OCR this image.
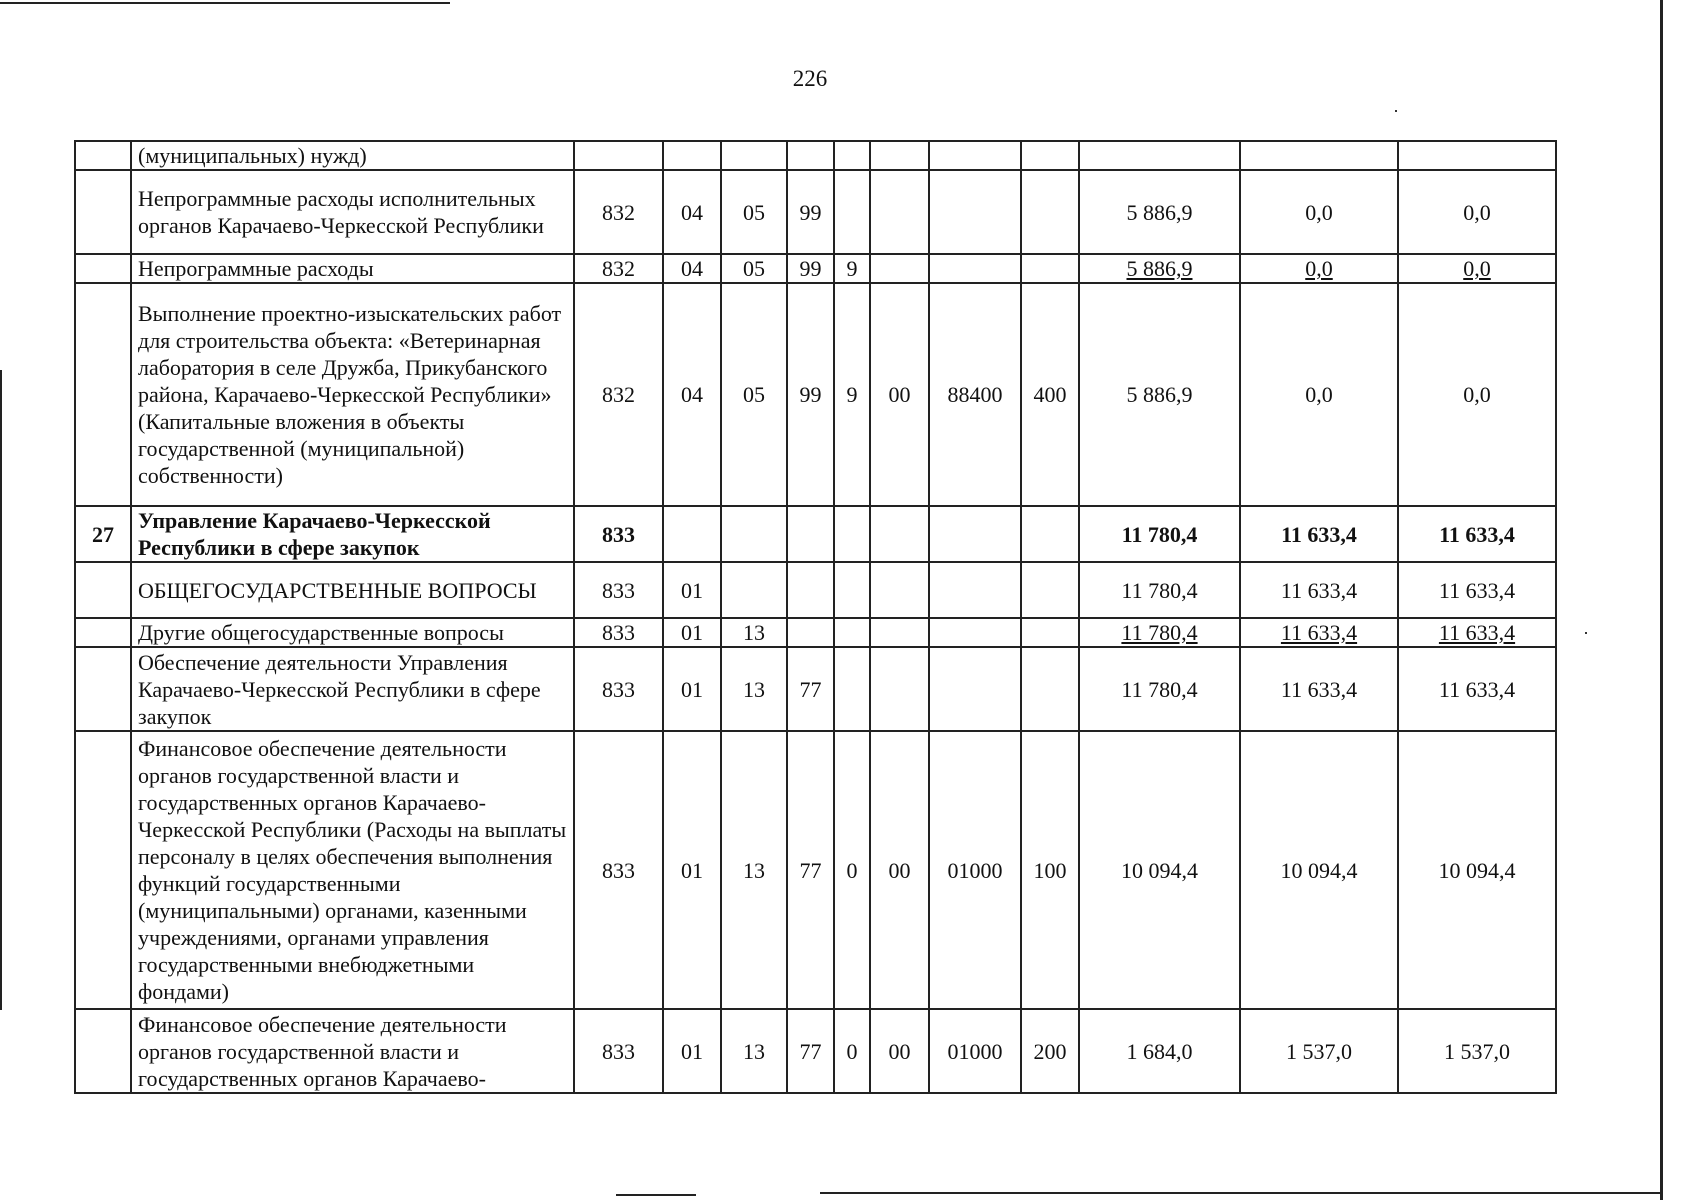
226
	(муниципальных) нужд)											
	Непрограммные расходы исполнительных органов Карачаево-Черкесской Республики	832	04	05	99					5 886,9	0,0	0,0
	Непрограммные расходы	832	04	05	99	9				5 886,9	0,0	0,0
	Выполнение проектно-изыскательских работ для строительства объекта: «Ветеринарная лаборатория в селе Дружба, Прикубанского района, Карачаево-Черкесской Республики» (Капитальные вложения в объекты государственной (муниципальной) собственности)	832	04	05	99	9	00	88400	400	5 886,9	0,0	0,0
27	Управление Карачаево-Черкесской Республики в сфере закупок	833								11 780,4	11 633,4	11 633,4
	ОБЩЕГОСУДАРСТВЕННЫЕ ВОПРОСЫ	833	01							11 780,4	11 633,4	11 633,4
	Другие общегосударственные вопросы	833	01	13						11 780,4	11 633,4	11 633,4
	Обеспечение деятельности Управления Карачаево-Черкесской Республики в сфере закупок	833	01	13	77					11 780,4	11 633,4	11 633,4
	Финансовое обеспечение деятельности органов государственной власти и государственных органов Карачаево-Черкесской Республики (Расходы на выплаты персоналу в целях обеспечения выполнения функций государственными (муниципальными) органами, казенными учреждениями, органами управления государственными внебюджетными фондами)	833	01	13	77	0	00	01000	100	10 094,4	10 094,4	10 094,4
	Финансовое обеспечение деятельности органов государственной власти и государственных органов Карачаево-	833	01	13	77	0	00	01000	200	1 684,0	1 537,0	1 537,0
